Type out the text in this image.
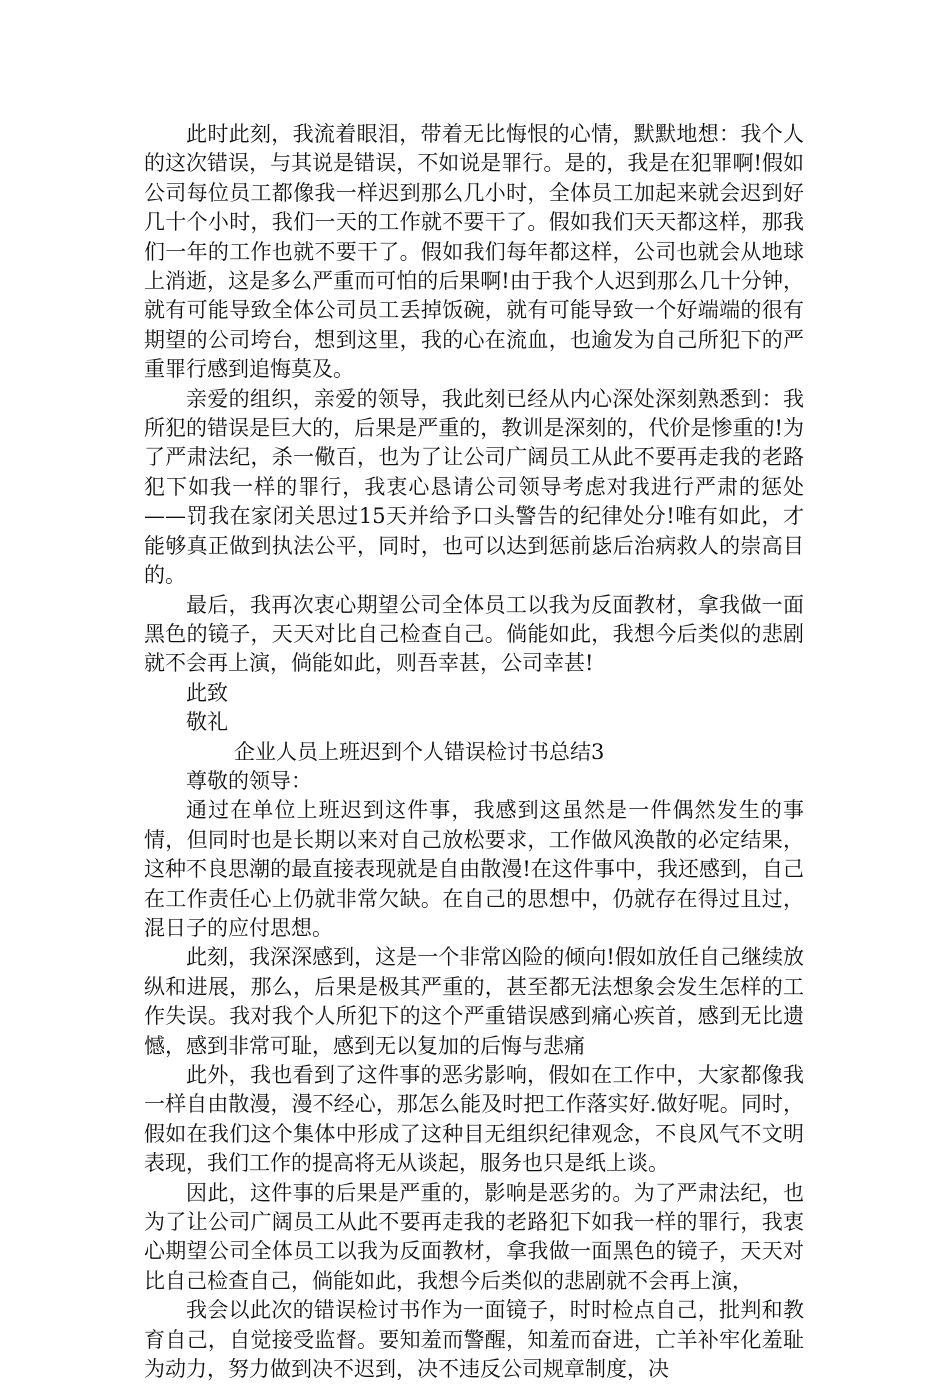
此时此刻，我流着眼泪，带着无比悔恨的心情，默默地想：我个人的这次错误，与其说是错误，不如说是罪行。是的，我是在犯罪啊!假如公司每位员工都像我一样迟到那么几小时，全体员工加起来就会迟到好几十个小时，我们一天的工作就不要干了。假如我们天天都这样，那我们一年的工作也就不要干了。假如我们每年都这样，公司也就会从地球上消逝，这是多么严重而可怕的后果啊!由于我个人迟到那么几十分钟，就有可能导致全体公司员工丢掉饭碗，就有可能导致一个好端端的很有期望的公司垮台，想到这里，我的心在流血，也逾发为自己所犯下的严重罪行感到追悔莫及。

亲爱的组织，亲爱的领导，我此刻已经从内心深处深刻熟悉到：我所犯的错误是巨大的，后果是严重的，教训是深刻的，代价是惨重的!为了严肃法纪，杀一儆百，也为了让公司广阔员工从此不要再走我的老路犯下如我一样的罪行，我衷心恳请公司领导考虑对我进行严肃的惩处——罚我在家闭关思过15天并给予口头警告的纪律处分!唯有如此，才能够真正做到执法公平，同时，也可以达到惩前毖后治病救人的崇高目的。

最后，我再次衷心期望公司全体员工以我为反面教材，拿我做一面黑色的镜子，天天对比自己检查自己。倘能如此，我想今后类似的悲剧就不会再上演，倘能如此，则吾幸甚，公司幸甚!

此致

敬礼

企业人员上班迟到个人错误检讨书总结3

尊敬的领导：

通过在单位上班迟到这件事，我感到这虽然是一件偶然发生的事情，但同时也是长期以来对自己放松要求，工作做风涣散的必定结果，这种不良思潮的最直接表现就是自由散漫!在这件事中，我还感到，自己在工作责任心上仍就非常欠缺。在自己的思想中，仍就存在得过且过，混日子的应付思想。

此刻，我深深感到，这是一个非常凶险的倾向!假如放任自己继续放纵和进展，那么，后果是极其严重的，甚至都无法想象会发生怎样的工作失误。我对我个人所犯下的这个严重错误感到痛心疾首，感到无比遗憾，感到非常可耻，感到无以复加的后悔与悲痛

此外，我也看到了这件事的恶劣影响，假如在工作中，大家都像我一样自由散漫，漫不经心，那怎么能及时把工作落实好.做好呢。同时，假如在我们这个集体中形成了这种目无组织纪律观念，不良风气不文明表现，我们工作的提高将无从谈起，服务也只是纸上谈。

因此，这件事的后果是严重的，影响是恶劣的。为了严肃法纪，也为了让公司广阔员工从此不要再走我的老路犯下如我一样的罪行，我衷心期望公司全体员工以我为反面教材，拿我做一面黑色的镜子，天天对比自己检查自己，倘能如此，我想今后类似的悲剧就不会再上演，

我会以此次的错误检讨书作为一面镜子，时时检点自己，批判和教育自己，自觉接受监督。要知羞而警醒，知羞而奋进，亡羊补牢化羞耻为动力，努力做到决不迟到，决不违反公司规章制度，决
